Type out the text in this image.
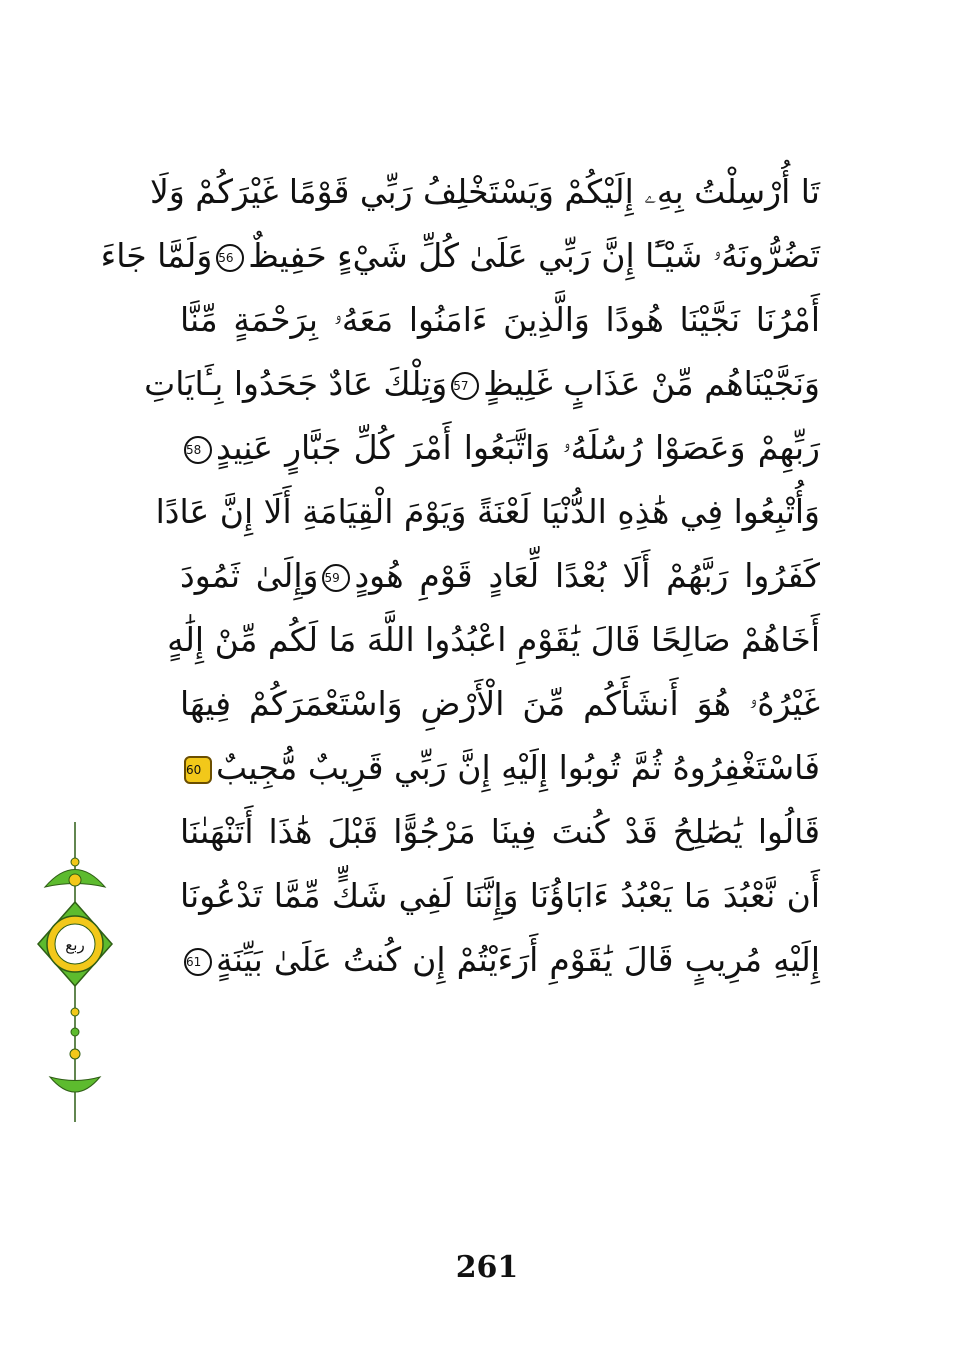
تَا أُرْسِلْتُ بِهِۦ إِلَيْكُمْ وَيَسْتَخْلِفُ رَبِّي قَوْمًا غَيْرَكُمْ وَلَا
تَضُرُّونَهُۥ شَيْـًٔا إِنَّ رَبِّي عَلَىٰ كُلِّ شَيْءٍ حَفِيظٌ56وَلَمَّا جَاءَ
أَمْرُنَا نَجَّيْنَا هُودًا وَالَّذِينَ ءَامَنُوا مَعَهُۥ بِرَحْمَةٍ مِّنَّا
وَنَجَّيْنَاهُم مِّنْ عَذَابٍ غَلِيظٍ57وَتِلْكَ عَادٌ جَحَدُوا بِـَٔايَاتِ
رَبِّهِمْ وَعَصَوْا رُسُلَهُۥ وَاتَّبَعُوا أَمْرَ كُلِّ جَبَّارٍ عَنِيدٍ58
وَأُتْبِعُوا فِي هَٰذِهِ الدُّنْيَا لَعْنَةً وَيَوْمَ الْقِيَامَةِ أَلَا إِنَّ عَادًا
كَفَرُوا رَبَّهُمْ أَلَا بُعْدًا لِّعَادٍ قَوْمِ هُودٍ59وَإِلَىٰ ثَمُودَ
أَخَاهُمْ صَالِحًا قَالَ يَٰقَوْمِ اعْبُدُوا اللَّهَ مَا لَكُم مِّنْ إِلَٰهٍ
غَيْرُهُۥ هُوَ أَنشَأَكُم مِّنَ الْأَرْضِ وَاسْتَعْمَرَكُمْ فِيهَا
فَاسْتَغْفِرُوهُ ثُمَّ تُوبُوا إِلَيْهِ إِنَّ رَبِّي قَرِيبٌ مُّجِيبٌ60
قَالُوا يَٰصَٰلِحُ قَدْ كُنتَ فِينَا مَرْجُوًّا قَبْلَ هَٰذَا أَتَنْهَىٰنَا
أَن نَّعْبُدَ مَا يَعْبُدُ ءَابَاؤُنَا وَإِنَّنَا لَفِي شَكٍّ مِّمَّا تَدْعُونَا
إِلَيْهِ مُرِيبٍ قَالَ يَٰقَوْمِ أَرَءَيْتُمْ إِن كُنتُ عَلَىٰ بَيِّنَةٍ61
ربع
261
